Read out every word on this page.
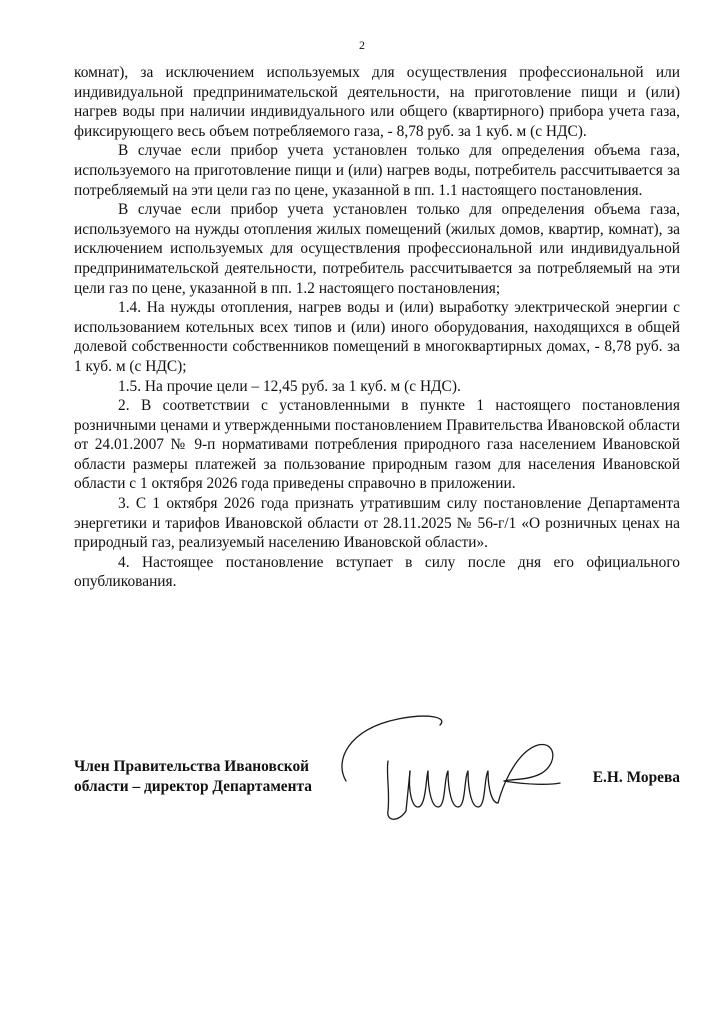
2

комнат), за исключением используемых для осуществления профессиональной или индивидуальной предпринимательской деятельности, на приготовление пищи и (или) нагрев воды при наличии индивидуального или общего (квартирного) прибора учета газа, фиксирующего весь объем потребляемого газа, - 8,78 руб. за 1 куб. м (с НДС).

В случае если прибор учета установлен только для определения объема газа, используемого на приготовление пищи и (или) нагрев воды, потребитель рассчитывается за потребляемый на эти цели газ по цене, указанной в пп. 1.1 настоящего постановления.

В случае если прибор учета установлен только для определения объема газа, используемого на нужды отопления жилых помещений (жилых домов, квартир, комнат), за исключением используемых для осуществления профессиональной или индивидуальной предпринимательской деятельности, потребитель рассчитывается за потребляемый на эти цели газ по цене, указанной в пп. 1.2 настоящего постановления;

1.4. На нужды отопления, нагрев воды и (или) выработку электрической энергии с использованием котельных всех типов и (или) иного оборудования, находящихся в общей долевой собственности собственников помещений в многоквартирных домах, - 8,78 руб. за 1 куб. м (с НДС);

1.5. На прочие цели – 12,45 руб. за 1 куб. м (с НДС).

2. В соответствии с установленными в пункте 1 настоящего постановления розничными ценами и утвержденными постановлением Правительства Ивановской области от 24.01.2007 № 9-п нормативами потребления природного газа населением Ивановской области размеры платежей за пользование природным газом для населения Ивановской области с 1 октября 2026 года приведены справочно в приложении.

3. С 1 октября 2026 года признать утратившим силу постановление Департамента энергетики и тарифов Ивановской области от 28.11.2025 № 56-г/1 «О розничных ценах на природный газ, реализуемый населению Ивановской области».

4. Настоящее постановление вступает в силу после дня его официального опубликования.

Член Правительства Ивановской
области – директор Департамента
Е.Н. Морева
